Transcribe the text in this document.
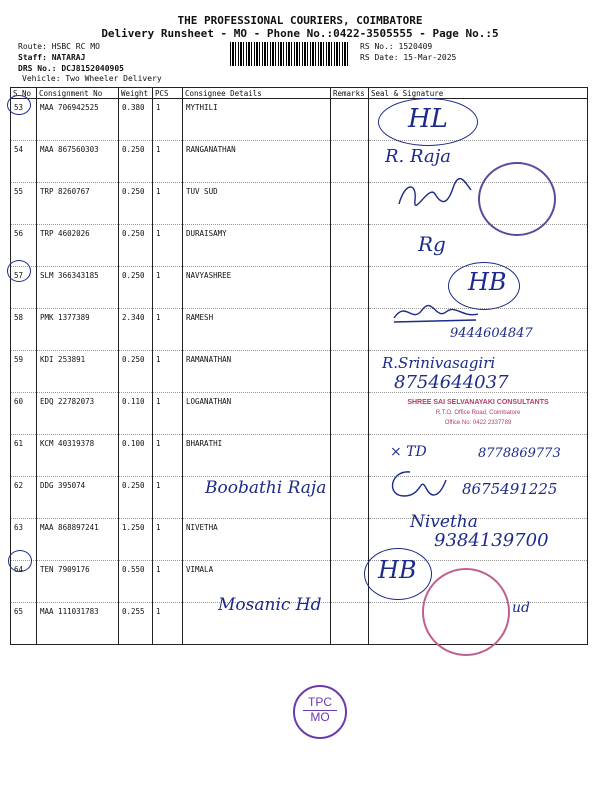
THE PROFESSIONAL COURIERS, COIMBATORE
Delivery Runsheet - MO - Phone No.:0422-3505555 - Page No.:5
Route: HSBC RC MO
Staff: NATARAJ
DRS No.: DCJ8152040905
Vehicle: Two Wheeler Delivery
RS No.: 1520409
RS Date: 15-Mar-2025
S No	Consignment No	Weight	PCS	Consignee Details	Remarks	Seal & Signature
53	MAA 706942525	0.380	1	MYTHILI		
54	MAA 867560303	0.250	1	RANGANATHAN		
55	TRP 8260767	0.250	1	TUV SUD		
56	TRP 4602026	0.250	1	DURAISAMY		
57	SLM 366343185	0.250	1	NAVYASHREE		
58	PMK 1377389	2.340	1	RAMESH		
59	KDI 253891	0.250	1	RAMANATHAN		
60	EDQ 22782073	0.110	1	LOGANATHAN		
61	KCM 40319378	0.100	1	BHARATHI		
62	DDG 395074	0.250	1			
63	MAA 868897241	1.250	1	NIVETHA		
64	TEN 7909176	0.550	1	VIMALA		
65	MAA 111031783	0.255	1			
HL
R. Raja
Rg
HB
9444604847
R.Srinivasagiri
8754644037
SHREE SAI SELVANAYAKI CONSULTANTS
R.T.O. Office Road, Coimbatore
Office No: 0422 2337789
× TD	8778869773
Boobathi Raja	8675491225
Nivetha
9384139700
HB
ud
Mosanic Hd
TPC
MO
